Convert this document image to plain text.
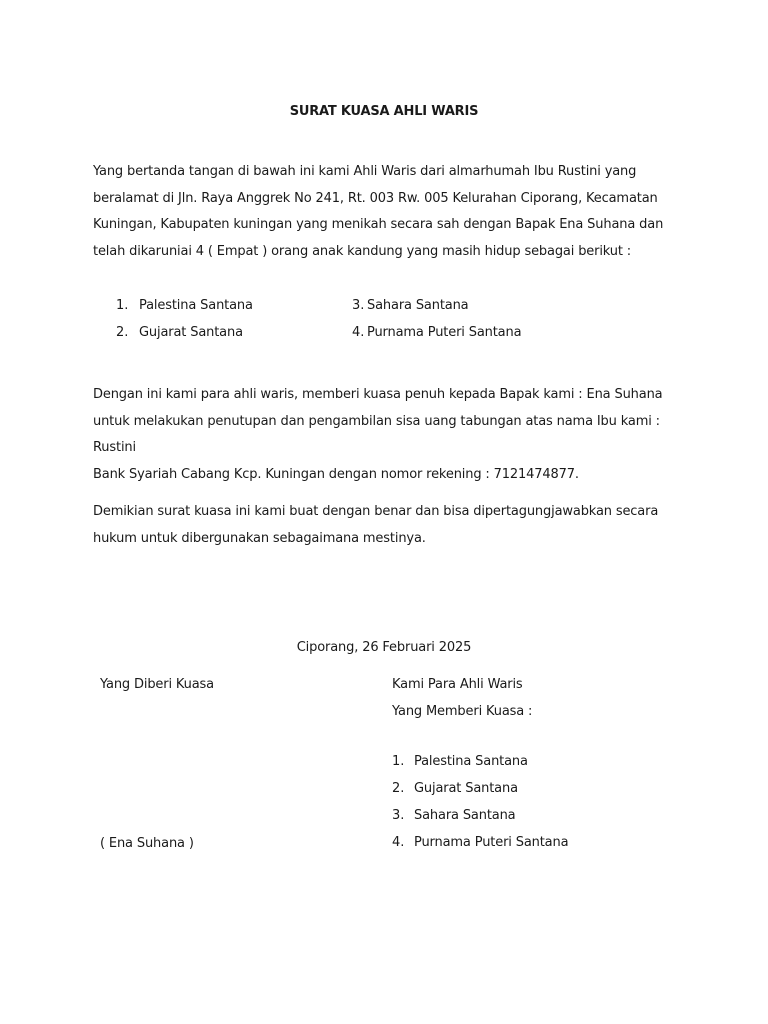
SURAT KUASA AHLI WARIS
Yang bertanda tangan di bawah ini kami Ahli Waris dari almarhumah Ibu Rustini yang
beralamat di Jln. Raya Anggrek No 241, Rt. 003 Rw. 005 Kelurahan Ciporang, Kecamatan
Kuningan, Kabupaten kuningan yang menikah secara sah dengan Bapak Ena Suhana dan
telah dikaruniai 4 ( Empat ) orang anak kandung yang masih hidup sebagai berikut :
1. Palestina Santana
2. Gujarat Santana
3. Sahara Santana
4. Purnama Puteri Santana
Dengan ini kami para ahli waris, memberi kuasa penuh kepada Bapak kami : Ena Suhana
untuk melakukan penutupan dan pengambilan sisa uang tabungan atas nama Ibu kami :
Rustini
Bank Syariah Cabang Kcp. Kuningan dengan nomor rekening : 7121474877.
Demikian surat kuasa ini kami buat dengan benar dan bisa dipertagungjawabkan secara
hukum untuk dibergunakan sebagaimana mestinya.
Ciporang, 26 Februari 2025
Yang Diberi Kuasa
( Ena Suhana )
Kami Para Ahli Waris
Yang Memberi Kuasa :
1. Palestina Santana
2. Gujarat Santana
3. Sahara Santana
4. Purnama Puteri Santana
